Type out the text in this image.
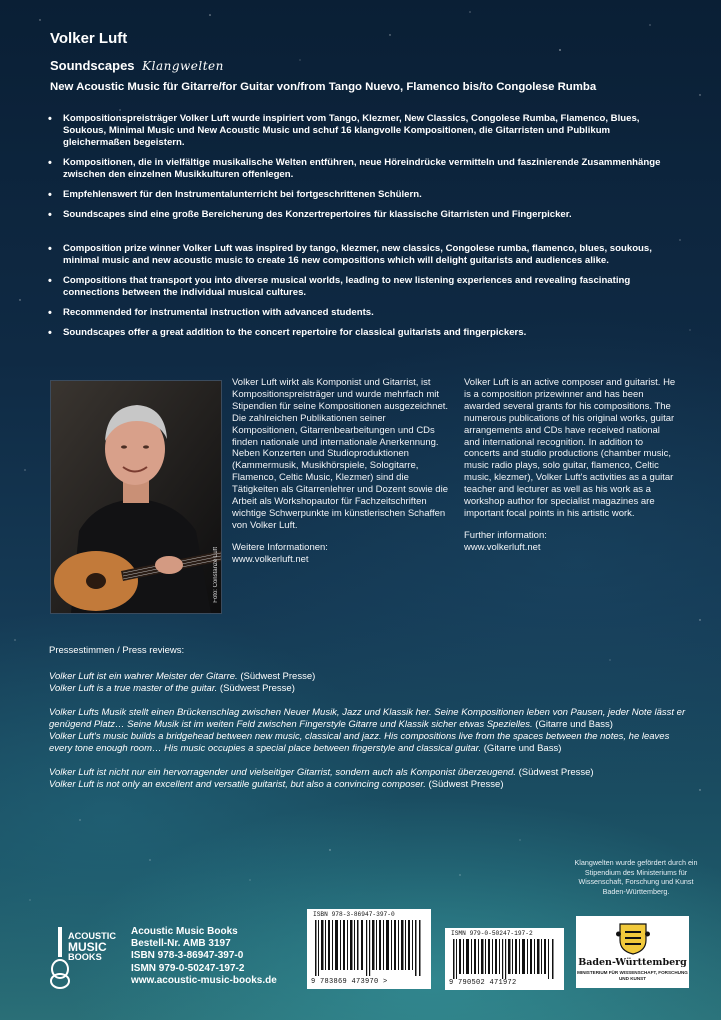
Volker Luft
Soundscapes Klangwelten
New Acoustic Music für Gitarre/for Guitar von/from Tango Nuevo, Flamenco bis/to Congolese Rumba
• Kompositionspreisträger Volker Luft wurde inspiriert vom Tango, Klezmer, New Classics, Congolese Rumba, Flamenco, Blues, Soukous, Minimal Music und New Acoustic Music und schuf 16 klangvolle Kompositionen, die Gitarristen und Publikum gleichermaßen begeistern.
• Kompositionen, die in vielfältige musikalische Welten entführen, neue Höreindrücke vermitteln und faszinierende Zusammenhänge zwischen den einzelnen Musikkulturen offenlegen.
• Empfehlenswert für den Instrumentalunterricht bei fortgeschrittenen Schülern.
• Soundscapes sind eine große Bereicherung des Konzertrepertoires für klassische Gitarristen und Fingerpicker.
• Composition prize winner Volker Luft was inspired by tango, klezmer, new classics, Congolese rumba, flamenco, blues, soukous, minimal music and new acoustic music to create 16 new compositions which will delight guitarists and audiences alike.
• Compositions that transport you into diverse musical worlds, leading to new listening experiences and revealing fascinating connections between the individual musical cultures.
• Recommended for instrumental instruction with advanced students.
• Soundscapes offer a great addition to the concert repertoire for classical guitarists and fingerpickers.
Foto: Constanze Luft
Volker Luft wirkt als Komponist und Gitarrist, ist Kompositionspreisträger und wurde mehrfach mit Stipendien für seine Kompositionen ausgezeichnet. Die zahlreichen Publikationen seiner Kompositionen, Gitarrenbearbeitungen und CDs finden nationale und internationale Anerkennung. Neben Konzerten und Studioproduktionen (Kammermusik, Musikhörspiele, Sologitarre, Flamenco, Celtic Music, Klezmer) sind die Tätigkeiten als Gitarrenlehrer und Dozent sowie die Arbeit als Workshopautor für Fachzeitschriften wichtige Schwerpunkte im künstlerischen Schaffen von Volker Luft.
Weitere Informationen:
www.volkerluft.net
Volker Luft is an active composer and guitarist. He is a composition prizewinner and has been awarded several grants for his compositions. The numerous publications of his original works, guitar arrangements and CDs have received national and international recognition. In addition to concerts and studio productions (chamber music, music radio plays, solo guitar, flamenco, Celtic music, klezmer), Volker Luft's activities as a guitar teacher and lecturer as well as his work as a workshop author for specialist magazines are important focal points in his artistic work.
Further information:
www.volkerluft.net
Pressestimmen / Press reviews:

Volker Luft ist ein wahrer Meister der Gitarre. (Südwest Presse)
Volker Luft is a true master of the guitar. (Südwest Presse)

Volker Lufts Musik stellt einen Brückenschlag zwischen Neuer Musik, Jazz und Klassik her. Seine Kompositionen leben von Pausen, jeder Note lässt er genügend Platz… Seine Musik ist im weiten Feld zwischen Fingerstyle Gitarre und Klassik sicher etwas Spezielles. (Gitarre und Bass)
Volker Luft's music builds a bridgehead between new music, classical and jazz. His compositions live from the spaces between the notes, he leaves every tone enough room… His music occupies a special place between fingerstyle and classical guitar. (Gitarre und Bass)

Volker Luft ist nicht nur ein hervorragender und vielseitiger Gitarrist, sondern auch als Komponist überzeugend. (Südwest Presse)
Volker Luft is not only an excellent and versatile guitarist, but also a convincing composer. (Südwest Presse)

ACOUSTIC
MUSIC
BOOKS
Acoustic Music Books
Bestell-Nr. AMB 3197
ISBN 978-3-86947-397-0
ISMN 979-0-50247-197-2
www.acoustic-music-books.de
ISBN 978-3-86947-397-0
9 783869 473970 >
ISMN 979-0-50247-197-2
9 790502 471972
Klangwelten wurde gefördert durch ein Stipendium des Ministeriums für Wissenschaft, Forschung und Kunst Baden-Württemberg.
Baden-Württemberg
MINISTERIUM FÜR WISSENSCHAFT, FORSCHUNG UND KUNST
